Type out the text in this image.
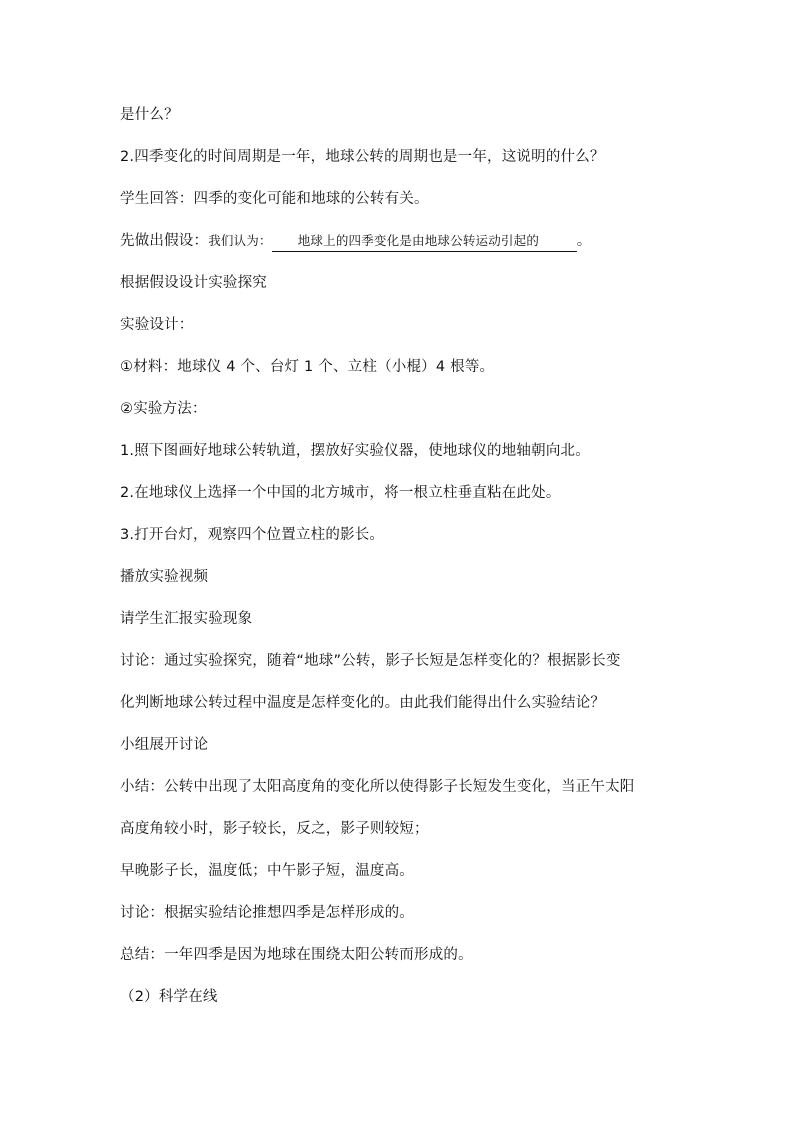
是什么？
2.四季变化的时间周期是一年，地球公转的周期也是一年，这说明的什么？
学生回答：四季的变化可能和地球的公转有关。
先做出假设：我们认为： 地球上的四季变化是由地球公转运动引起的	。
根据假设设计实验探究
实验设计：
①材料：地球仪 4 个、台灯 1 个、立柱（小棍）4 根等。
②实验方法：
1.照下图画好地球公转轨道，摆放好实验仪器，使地球仪的地轴朝向北。
2.在地球仪上选择一个中国的北方城市，将一根立柱垂直粘在此处。
3.打开台灯，观察四个位置立柱的影长。
播放实验视频
请学生汇报实验现象
讨论：通过实验探究，随着“地球”公转，影子长短是怎样变化的？根据影长变
化判断地球公转过程中温度是怎样变化的。由此我们能得出什么实验结论？
小组展开讨论
小结：公转中出现了太阳高度角的变化所以使得影子长短发生变化，当正午太阳
高度角较小时，影子较长，反之，影子则较短；
早晚影子长，温度低；中午影子短，温度高。
讨论：根据实验结论推想四季是怎样形成的。
总结：一年四季是因为地球在围绕太阳公转而形成的。
（2）科学在线
